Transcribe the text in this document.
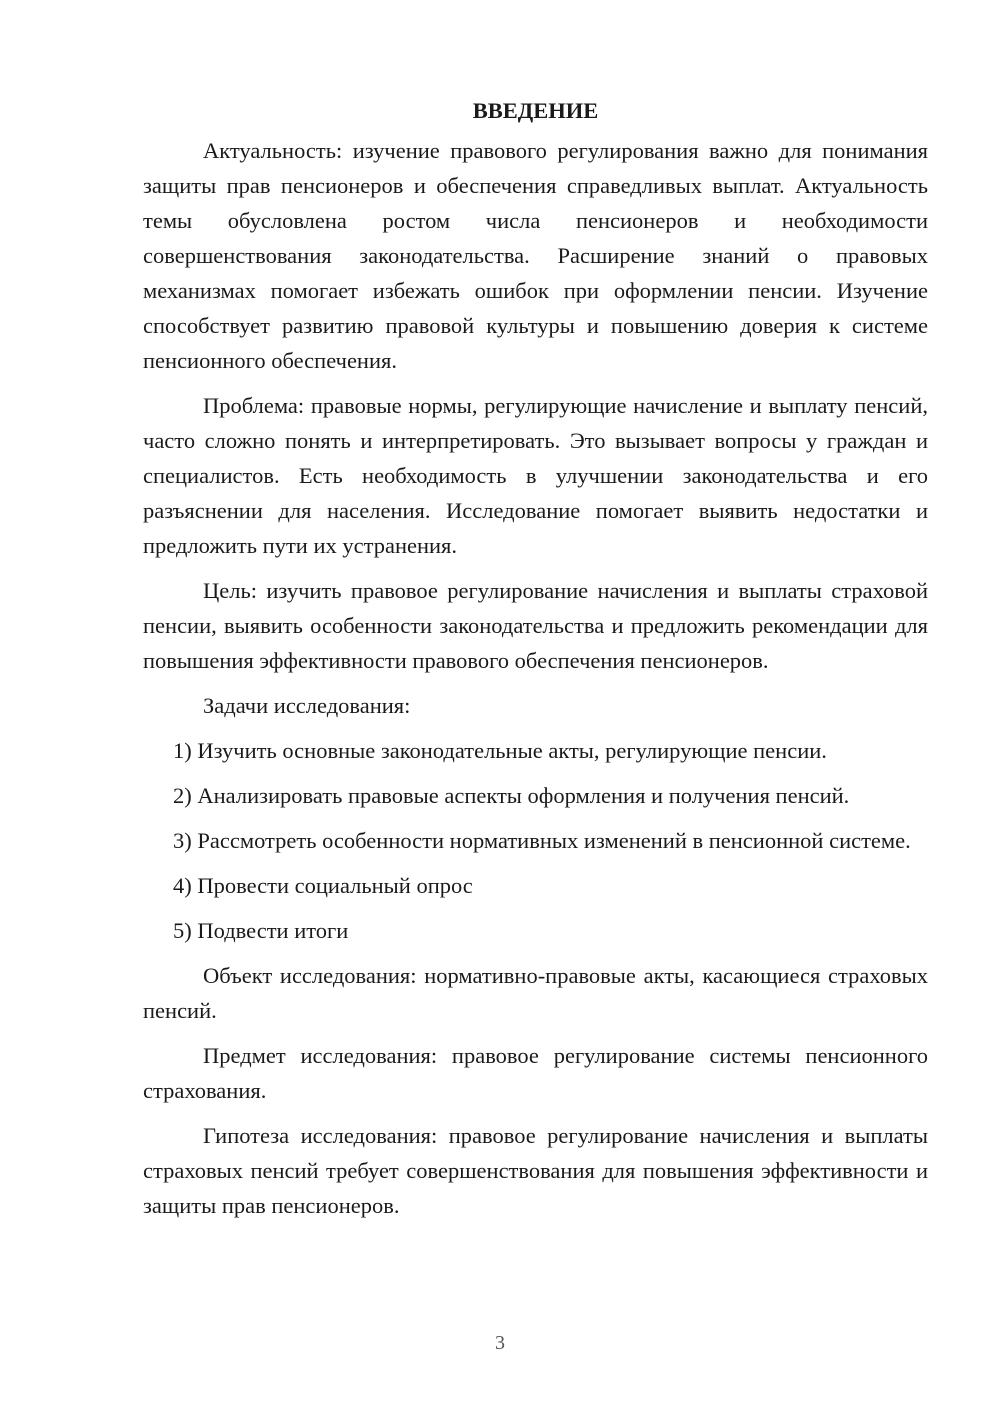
ВВЕДЕНИЕ

Актуальность: изучение правового регулирования важно для понимания защиты прав пенсионеров и обеспечения справедливых выплат. Актуальность темы обусловлена ростом числа пенсионеров и необходимости совершенствования законодательства. Расширение знаний о правовых механизмах помогает избежать ошибок при оформлении пенсии. Изучение способствует развитию правовой культуры и повышению доверия к системе пенсионного обеспечения.

Проблема: правовые нормы, регулирующие начисление и выплату пенсий, часто сложно понять и интерпретировать. Это вызывает вопросы у граждан и специалистов. Есть необходимость в улучшении законодательства и его разъяснении для населения. Исследование помогает выявить недостатки и предложить пути их устранения.

Цель: изучить правовое регулирование начисления и выплаты страховой пенсии, выявить особенности законодательства и предложить рекомендации для повышения эффективности правового обеспечения пенсионеров.

Задачи исследования:

1) Изучить основные законодательные акты, регулирующие пенсии.

2) Анализировать правовые аспекты оформления и получения пенсий.

3) Рассмотреть особенности нормативных изменений в пенсионной системе.

4) Провести социальный опрос

5) Подвести итоги

Объект исследования: нормативно-правовые акты, касающиеся страховых пенсий.

Предмет исследования: правовое регулирование системы пенсионного страхования.

Гипотеза исследования: правовое регулирование начисления и выплаты страховых пенсий требует совершенствования для повышения эффективности и защиты прав пенсионеров.

3
